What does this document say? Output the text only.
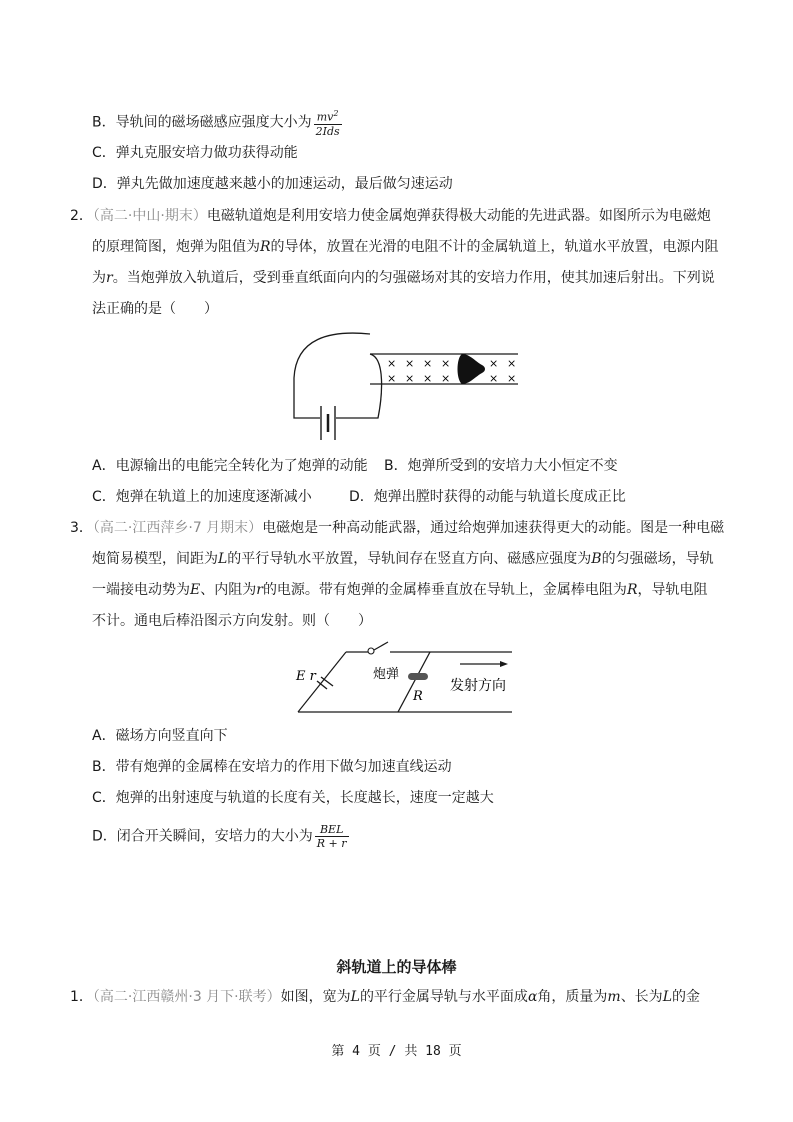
B．导轨间的磁场磁感应强度大小为 $\frac{mv^2}{\text{2Ids}}$
C．弹丸克服安培力做功获得动能
D．弹丸先做加速度越来越小的加速运动，最后做匀速运动
2．（高二·中山·期末）电磁轨道炮是利用安培力使金属炮弹获得极大动能的先进武器。如图所示为电磁炮
的原理简图，炮弹为阻值为R的导体，放置在光滑的电阻不计的金属轨道上，轨道水平放置，电源内阻
为r。当炮弹放入轨道后，受到垂直纸面向内的匀强磁场对其的安培力作用，使其加速后射出。下列说
法正确的是（　　）
× × × ×	× ×
× × × ×	× ×
A．电源输出的电能完全转化为了炮弹的动能 B．炮弹所受到的安培力大小恒定不变
C．炮弹在轨道上的加速度逐渐减小	D．炮弹出膛时获得的动能与轨道长度成正比
3．（高二·江西萍乡·7 月期末）电磁炮是一种高动能武器，通过给炮弹加速获得更大的动能。图是一种电磁
炮简易模型，间距为L的平行导轨水平放置，导轨间存在竖直方向、磁感应强度为B的匀强磁场，导轨
一端接电动势为E、内阻为r的电源。带有炮弹的金属棒垂直放在导轨上，金属棒电阻为R，导轨电阻
不计。通电后棒沿图示方向发射。则（　　）
E r	炮弹
R
发射方向
A．磁场方向竖直向下
B．带有炮弹的金属棒在安培力的作用下做匀加速直线运动
C．炮弹的出射速度与轨道的长度有关，长度越长，速度一定越大
D．闭合开关瞬间，安培力的大小为 $\frac{\text{BEL}}{R + r}$
斜轨道上的导体棒
1．（高二·江西赣州·3 月下·联考）如图，宽为L的平行金属导轨与水平面成α角，质量为m、长为L的金
第 4 页 / 共 18 页
